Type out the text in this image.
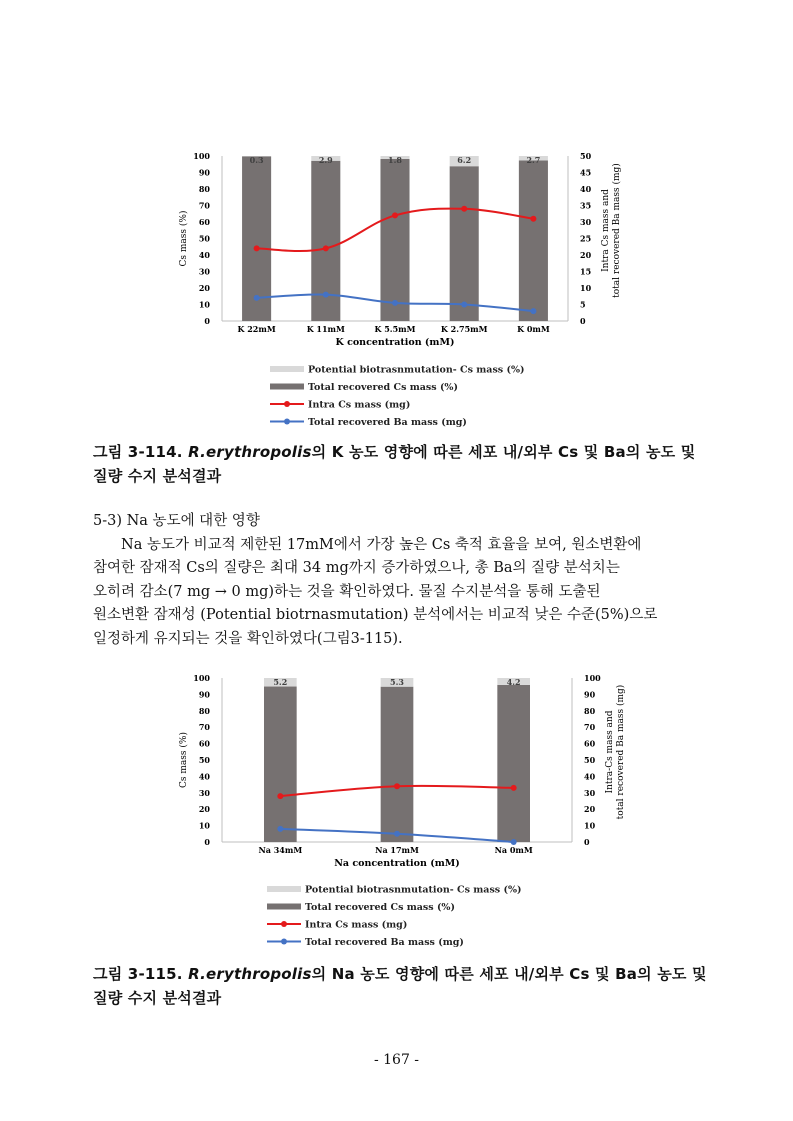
0
10
20
30
40
50
60
70
80
90
100
0
5
10
15
20
25
30
35
40
45
50
0.3
K 22mM
2.9
K 11mM
1.8
K 5.5mM
6.2
K 2.75mM
2.7
K 0mM
K concentration (mM)
Cs mass (%)	Intra Cs mass and total recovered Ba mass (mg)
Potential biotrasnmutation- Cs mass (%)
Total recovered Cs mass (%)
Intra Cs mass (mg)
Total recovered Ba mass (mg)
그림 3-114. R.erythropolis의 K 농도 영향에 따른 세포 내/외부 Cs 및 Ba의 농도 및
질량 수지 분석결과

5-3) Na 농도에 대한 영향

Na 농도가 비교적 제한된 17mM에서 가장 높은 Cs 축적 효율을 보여, 원소변환에
참여한 잠재적 Cs의 질량은 최대 34 mg까지 증가하였으나, 총 Ba의 질량 분석치는
오히려 감소(7 mg → 0 mg)하는 것을 확인하였다. 물질 수지분석을 통해 도출된
원소변환 잠재성 (Potential biotrnasmutation) 분석에서는 비교적 낮은 수준(5%)으로
일정하게 유지되는 것을 확인하였다(그림3-115).

0
10
20
30
40
50
60
70
80
90
100
0
10
20
30
40
50
60
70
80
90
100
5.2
Na 34mM
5.3
Na 17mM
4.2
Na 0mM
Na concentration (mM)
Cs mass (%)	Intra-Cs mass and total recovered Ba mass (mg)
Potential biotrasnmutation- Cs mass (%)
Total recovered Cs mass (%)
Intra Cs mass (mg)
Total recovered Ba mass (mg)
그림 3-115. R.erythropolis의 Na 농도 영향에 따른 세포 내/외부 Cs 및 Ba의 농도 및
질량 수지 분석결과
- 167 -
